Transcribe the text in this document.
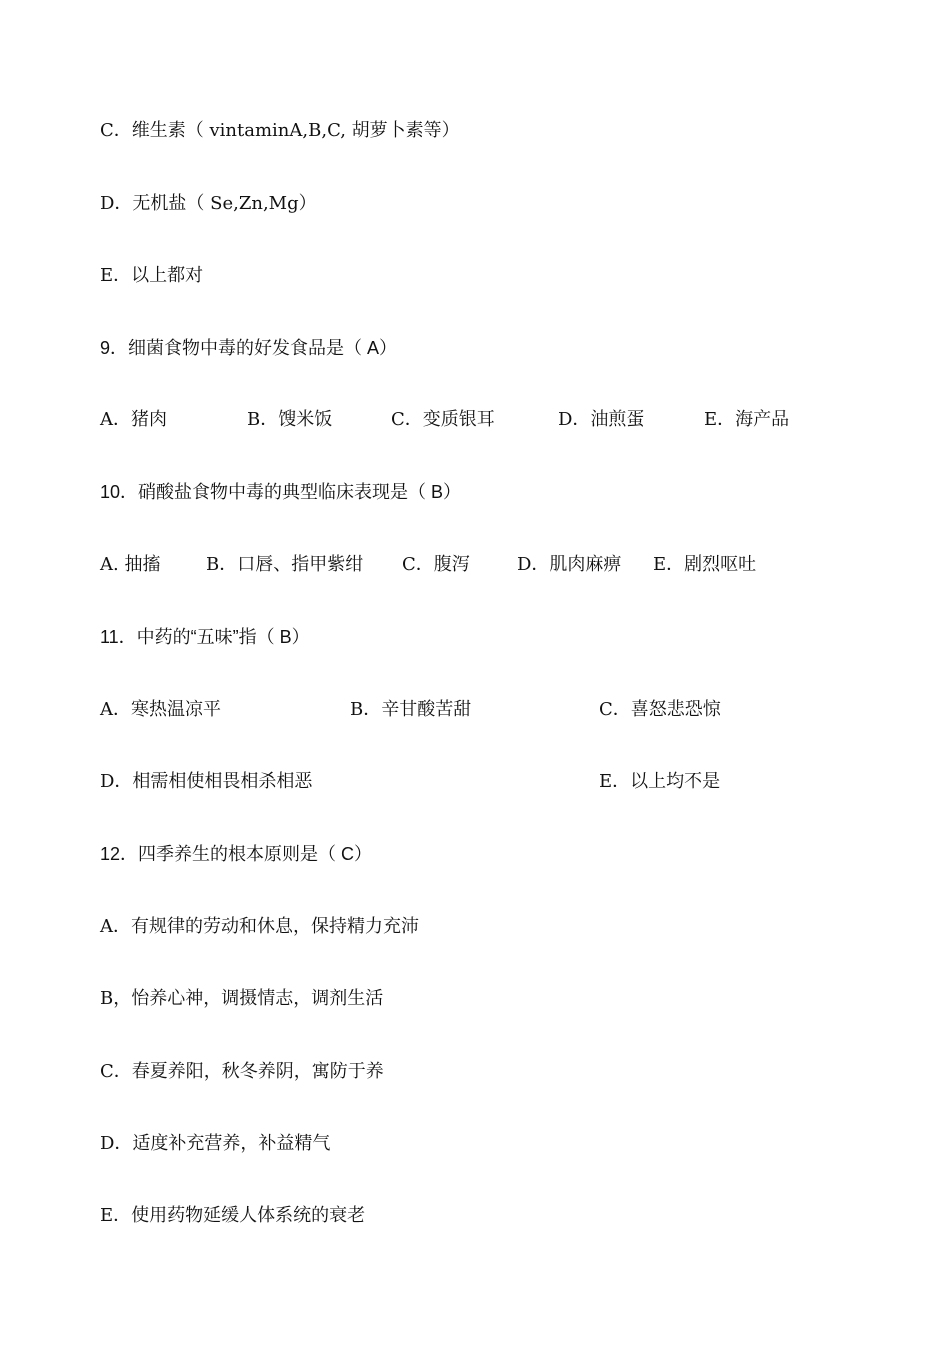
C．维生素（ vintaminA,B,C, 胡萝卜素等）
D．无机盐（ Se,Zn,Mg）
E．以上都对
9．细菌食物中毒的好发食品是（ A）
A．猪肉	B．馊米饭	C．变质银耳	D．油煎蛋	E．海产品
10．硝酸盐食物中毒的典型临床表现是（ B）
A. 抽搐	B．口唇、指甲紫绀 C．腹泻	D．肌肉麻痹 E．剧烈呕吐
11．中药的“五味”指（ B）
A．寒热温凉平	B．辛甘酸苦甜	C．喜怒悲恐惊
D．相需相使相畏相杀相恶	E．以上均不是
12．四季养生的根本原则是（ C）
A．有规律的劳动和休息，保持精力充沛
B，怡养心神，调摄情志，调剂生活
C．春夏养阳，秋冬养阴，寓防于养
D．适度补充营养，补益精气
E．使用药物延缓人体系统的衰老
